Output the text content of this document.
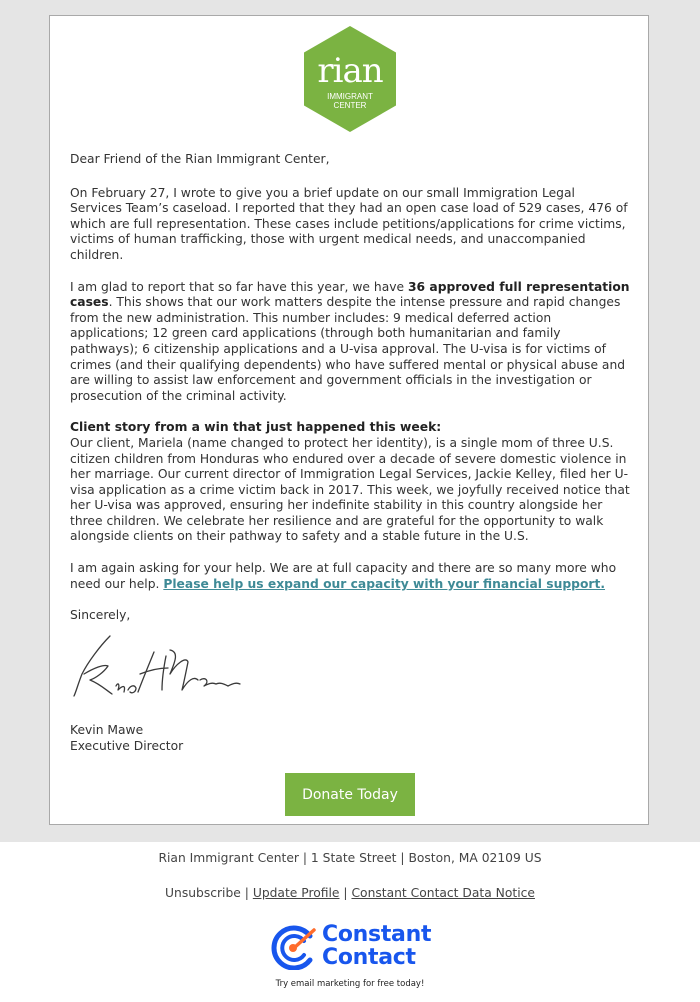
rian
IMMIGRANT
CENTER

Dear Friend of the Rian Immigrant Center,

On February 27, I wrote to give you a brief update on our small Immigration Legal Services Team’s caseload. I reported that they had an open case load of 529 cases, 476 of which are full representation. These cases include petitions/applications for crime victims, victims of human trafficking, those with urgent medical needs, and unaccompanied children.

I am glad to report that so far have this year, we have 36 approved full representation cases. This shows that our work matters despite the intense pressure and rapid changes from the new administration. This number includes: 9 medical deferred action applications; 12 green card applications (through both humanitarian and family pathways); 6 citizenship applications and a U-visa approval. The U-visa is for victims of crimes (and their qualifying dependents) who have suffered mental or physical abuse and are willing to assist law enforcement and government officials in the investigation or prosecution of the criminal activity.

Client story from a win that just happened this week:

Our client, Mariela (name changed to protect her identity), is a single mom of three U.S. citizen children from Honduras who endured over a decade of severe domestic violence in her marriage. Our current director of Immigration Legal Services, Jackie Kelley, filed her U-visa application as a crime victim back in 2017. This week, we joyfully received notice that her U-visa was approved, ensuring her indefinite stability in this country alongside her three children. We celebrate her resilience and are grateful for the opportunity to walk alongside clients on their pathway to safety and a stable future in the U.S.

I am again asking for your help. We are at full capacity and there are so many more who need our help. Please help us expand our capacity with your financial support.

Sincerely,

Kevin Mawe
Executive Director
Donate Today
Rian Immigrant Center | 1 State Street | Boston, MA 02109 US
Unsubscribe | Update Profile | Constant Contact Data Notice
Constant
Contact
Try email marketing for free today!
